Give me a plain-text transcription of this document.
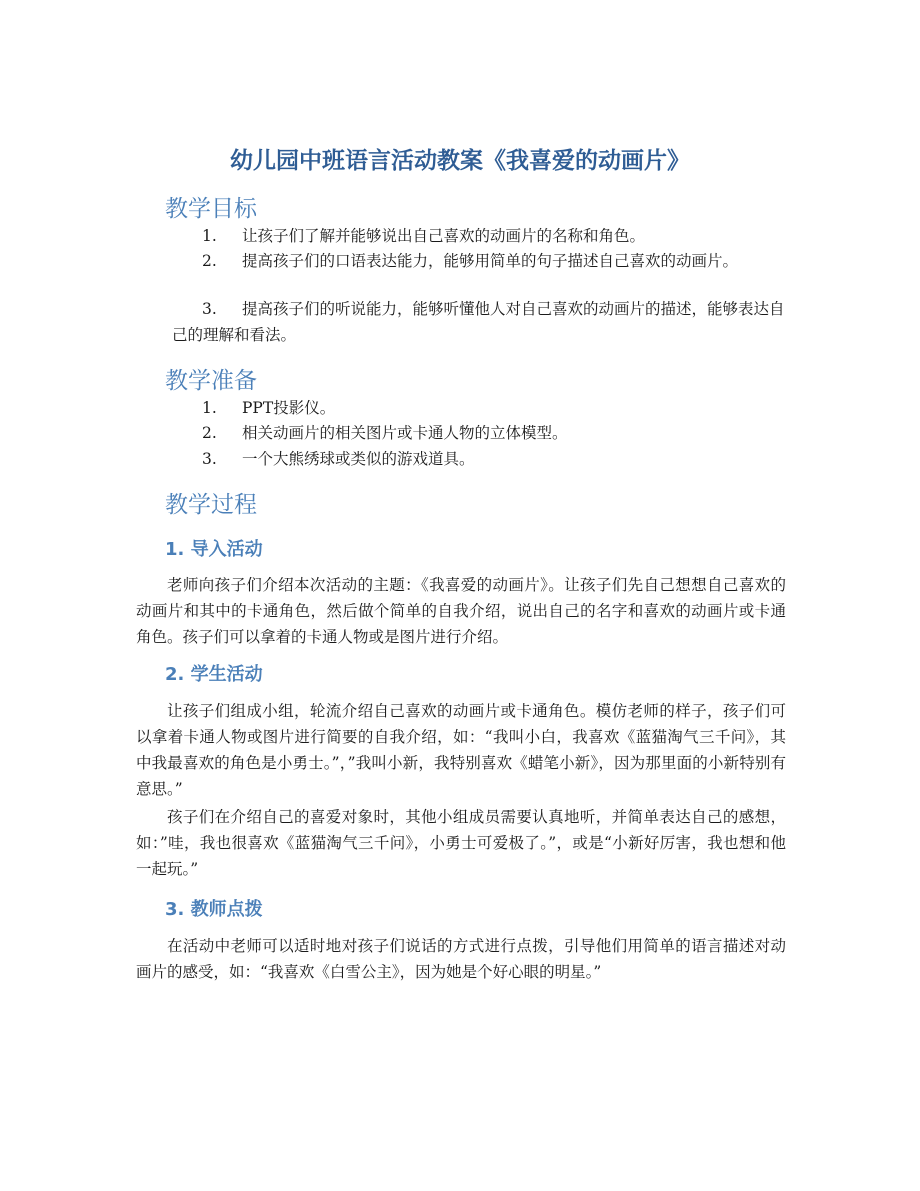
幼儿园中班语言活动教案《我喜爱的动画片》
教学目标

1. 让孩子们了解并能够说出自己喜欢的动画片的名称和角色。

2. 提高孩子们的口语表达能力，能够用简单的句子描述自己喜欢的动画片。

3. 提高孩子们的听说能力，能够听懂他人对自己喜欢的动画片的描述，能够表达自己的理解和看法。

教学准备

1. PPT投影仪。

2. 相关动画片的相关图片或卡通人物的立体模型。

3. 一个大熊绣球或类似的游戏道具。

教学过程
1. 导入活动

老师向孩子们介绍本次活动的主题：《我喜爱的动画片》。让孩子们先自己想想自己喜欢的动画片和其中的卡通角色，然后做个简单的自我介绍，说出自己的名字和喜欢的动画片或卡通角色。孩子们可以拿着的卡通人物或是图片进行介绍。

2. 学生活动

让孩子们组成小组，轮流介绍自己喜欢的动画片或卡通角色。模仿老师的样子，孩子们可以拿着卡通人物或图片进行简要的自我介绍，如：“我叫小白，我喜欢《蓝猫淘气三千问》，其中我最喜欢的角色是小勇士。”，”我叫小新，我特别喜欢《蜡笔小新》，因为那里面的小新特别有意思。”

孩子们在介绍自己的喜爱对象时，其他小组成员需要认真地听，并简单表达自己的感想，如：”哇，我也很喜欢《蓝猫淘气三千问》，小勇士可爱极了。”，或是“小新好厉害，我也想和他一起玩。”

3. 教师点拨

在活动中老师可以适时地对孩子们说话的方式进行点拨，引导他们用简单的语言描述对动画片的感受，如：“我喜欢《白雪公主》，因为她是个好心眼的明星。”
